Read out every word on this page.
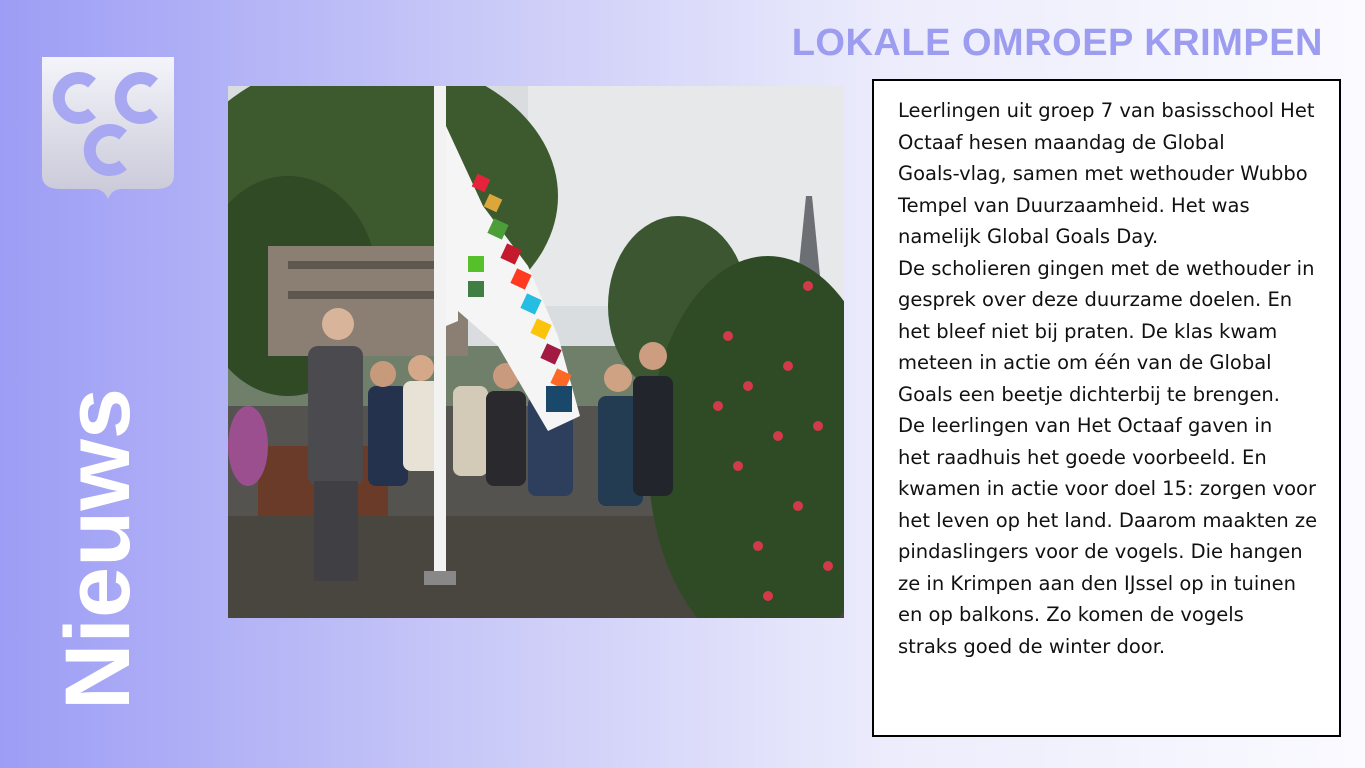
LOKALE OMROEP KRIMPEN
Nieuws

Leerlingen uit groep 7 van basisschool Het
Octaaf hesen maandag de Global
Goals-vlag, samen met wethouder Wubbo
Tempel van Duurzaamheid. Het was
namelijk Global Goals Day.

De scholieren gingen met de wethouder in
gesprek over deze duurzame doelen. En
het bleef niet bij praten. De klas kwam
meteen in actie om één van de Global
Goals een beetje dichterbij te brengen.

De leerlingen van Het Octaaf gaven in
het raadhuis het goede voorbeeld. En
kwamen in actie voor doel 15: zorgen voor
het leven op het land. Daarom maakten ze
pindaslingers voor de vogels. Die hangen
ze in Krimpen aan den IJssel op in tuinen
en op balkons. Zo komen de vogels
straks goed de winter door.
